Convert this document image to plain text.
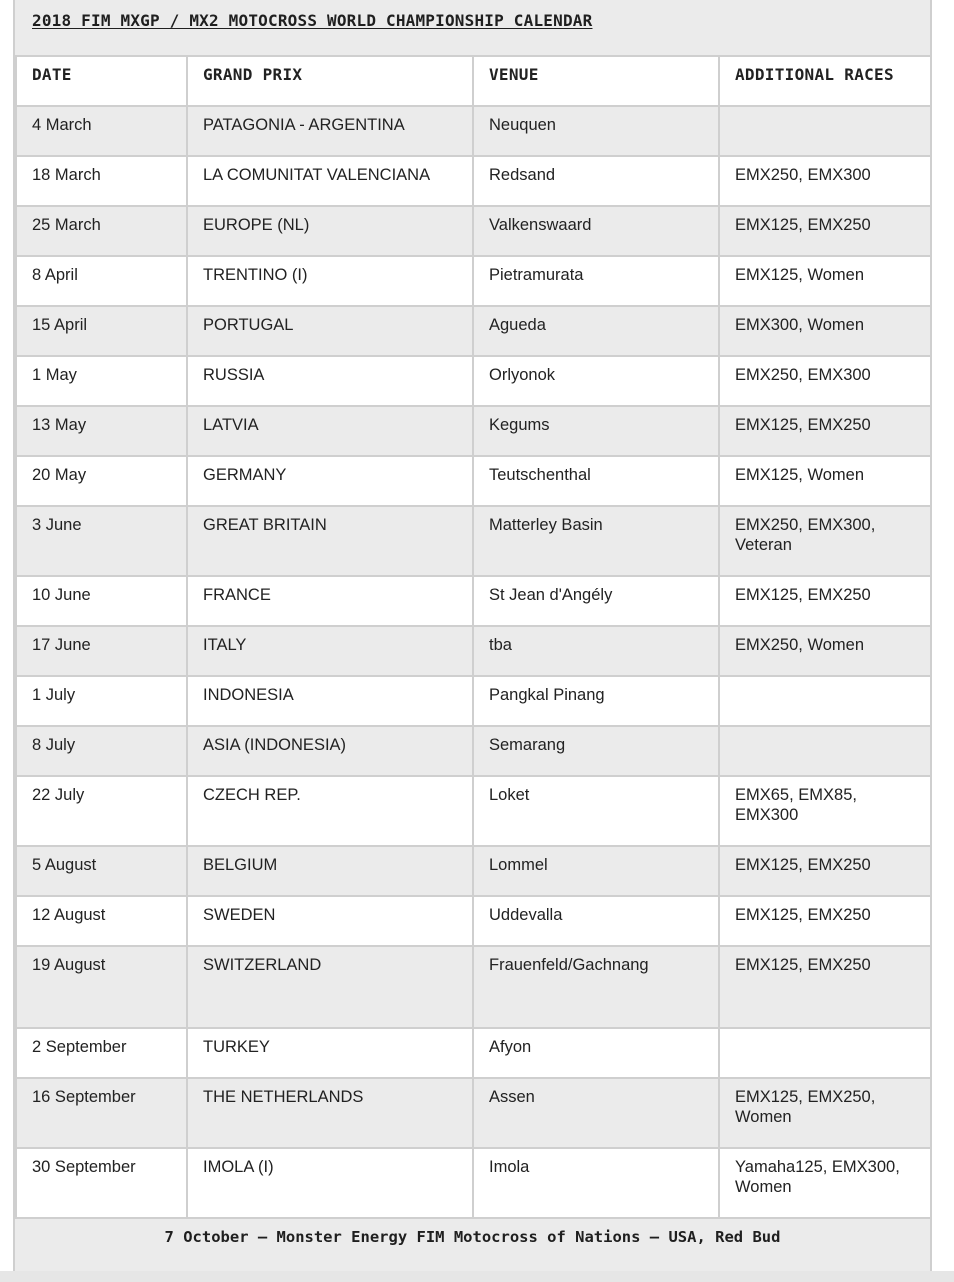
2018 FIM MXGP / MX2 MOTOCROSS WORLD CHAMPIONSHIP CALENDAR
DATE	GRAND PRIX	VENUE	ADDITIONAL RACES
4 March	PATAGONIA - ARGENTINA	Neuquen	
18 March	LA COMUNITAT VALENCIANA	Redsand	EMX250, EMX300
25 March	EUROPE (NL)	Valkenswaard	EMX125, EMX250
8 April	TRENTINO (I)	Pietramurata	EMX125, Women
15 April	PORTUGAL	Agueda	EMX300, Women
1 May	RUSSIA	Orlyonok	EMX250, EMX300
13 May	LATVIA	Kegums	EMX125, EMX250
20 May	GERMANY	Teutschenthal	EMX125, Women
3 June	GREAT BRITAIN	Matterley Basin	EMX250, EMX300, Veteran
10 June	FRANCE	St Jean d'Angély	EMX125, EMX250
17 June	ITALY	tba	EMX250, Women
1 July	INDONESIA	Pangkal Pinang	
8 July	ASIA (INDONESIA)	Semarang	
22 July	CZECH REP.	Loket	EMX65, EMX85, EMX300
5 August	BELGIUM	Lommel	EMX125, EMX250
12 August	SWEDEN	Uddevalla	EMX125, EMX250
19 August	SWITZERLAND	Frauenfeld/Gachnang	EMX125, EMX250
2 September	TURKEY	Afyon	
16 September	THE NETHERLANDS	Assen	EMX125, EMX250, Women
30 September	IMOLA (I)	Imola	Yamaha125, EMX300, Women
7 October – Monster Energy FIM Motocross of Nations – USA, Red Bud
